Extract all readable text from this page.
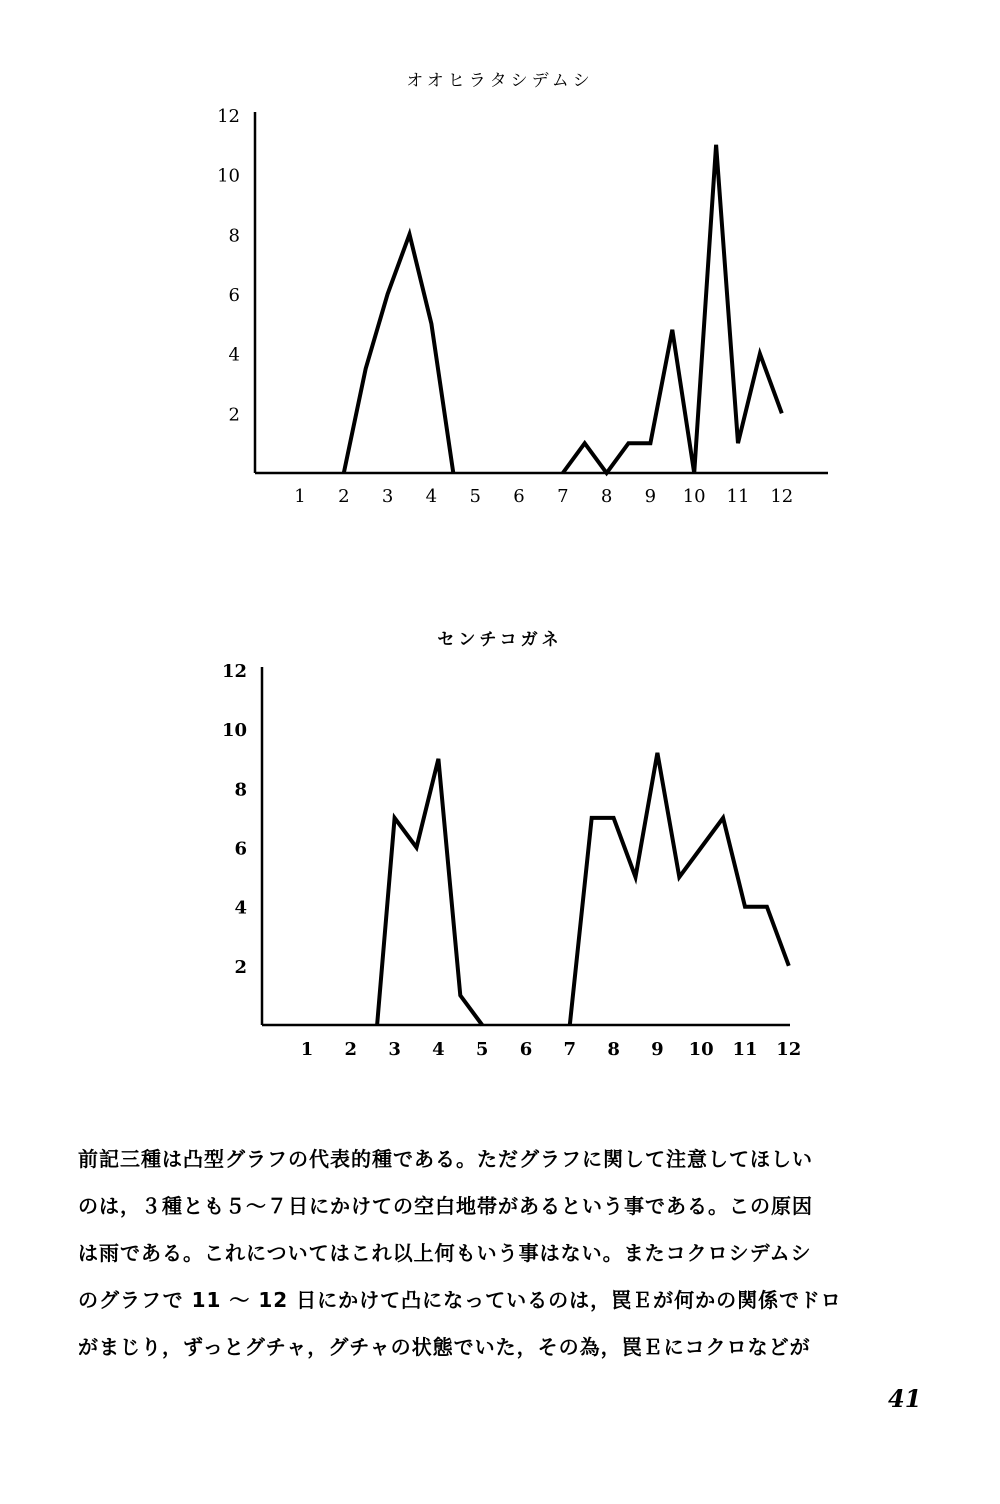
オオヒラタシデムシ
1 2 3 4 5 6 7 8 9 10 11 12
2
4
6
8
10
12
センチコガネ
1 2 3 4 5 6 7 8 9 10 11 12
2
4
6
8
10
12
前記三種は凸型グラフの代表的種である。ただグラフに関して注意してほしい
のは，３種とも５～７日にかけての空白地帯があるという事である。この原因
は雨である。これについてはこれ以上何もいう事はない。またコクロシデムシ
のグラフで 11 ～ 12 日にかけて凸になっているのは，罠Ｅが何かの関係でドロ
がまじり，ずっとグチャ，グチャの状態でいた，その為，罠Ｅにコクロなどが
41
